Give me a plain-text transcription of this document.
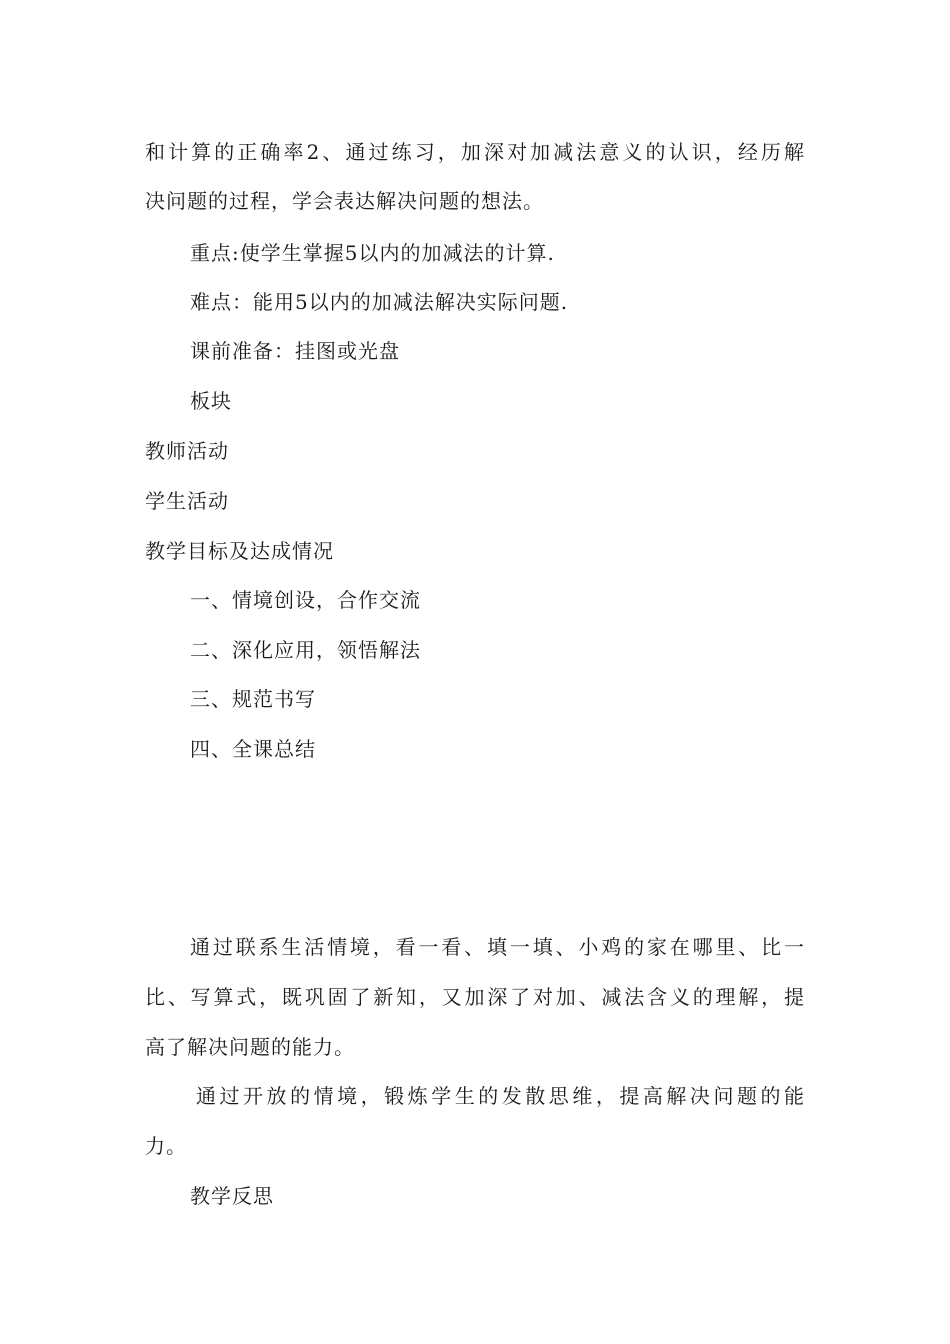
和计算的正确率2、通过练习，加深对加减法意义的认识，经历解
决问题的过程，学会表达解决问题的想法。
重点:使学生掌握5以内的加减法的计算.
难点：能用5以内的加减法解决实际问题.
课前准备：挂图或光盘
板块
教师活动
学生活动
教学目标及达成情况
一、情境创设，合作交流
二、深化应用，领悟解法
三、规范书写
四、全课总结
通过联系生活情境，看一看、填一填、小鸡的家在哪里、比一
比、写算式，既巩固了新知，又加深了对加、减法含义的理解，提
高了解决问题的能力。
通过开放的情境，锻炼学生的发散思维，提高解决问题的能
力。
教学反思
